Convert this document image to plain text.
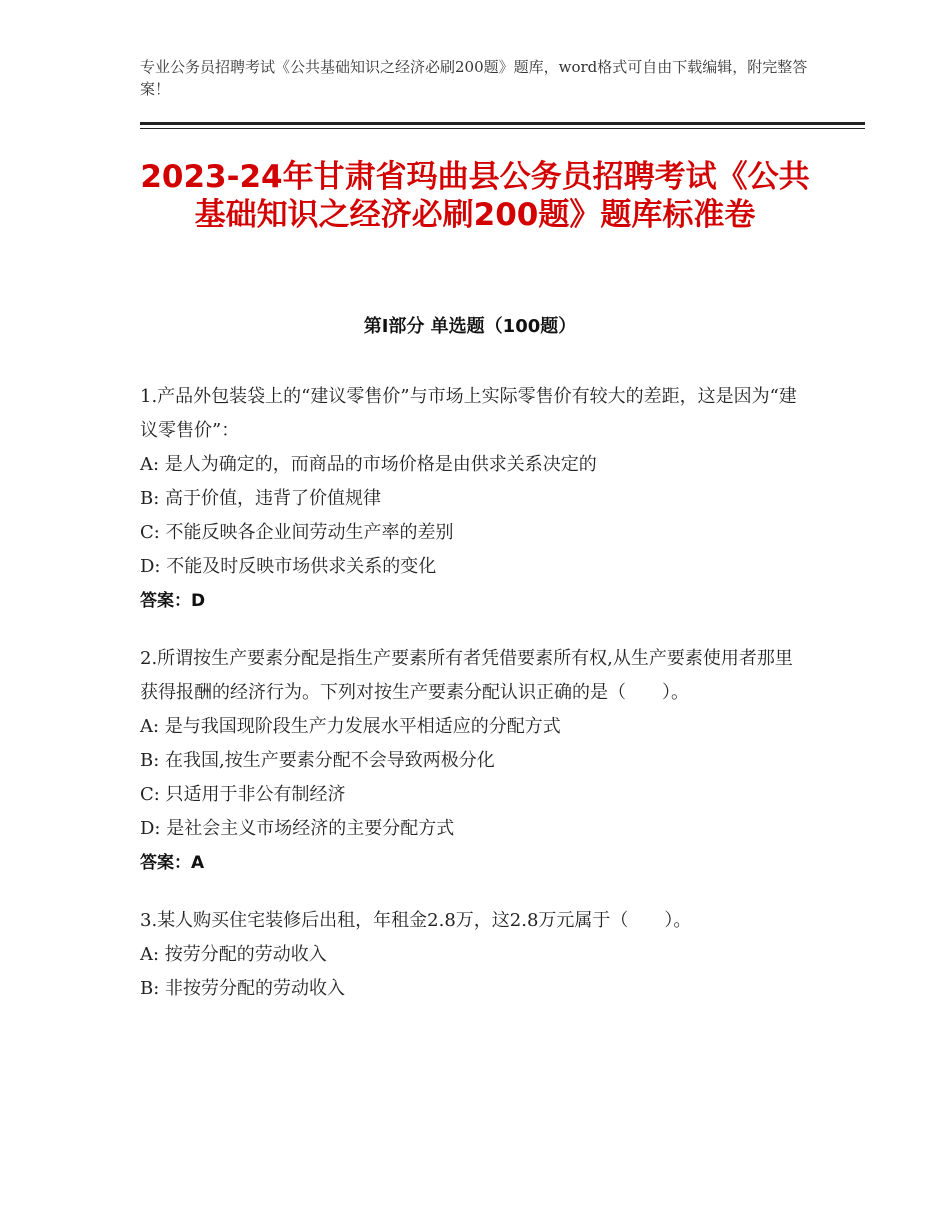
专业公务员招聘考试《公共基础知识之经济必刷200题》题库，word格式可自由下载编辑，附完整答案！
2023-24年甘肃省玛曲县公务员招聘考试《公共基础知识之经济必刷200题》题库标准卷
第Ⅰ部分 单选题（100题）
1.产品外包装袋上的“建议零售价”与市场上实际零售价有较大的差距，这是因为“建议零售价”：
A: 是人为确定的，而商品的市场价格是由供求关系决定的
B: 高于价值，违背了价值规律
C: 不能反映各企业间劳动生产率的差别
D: 不能及时反映市场供求关系的变化
答案：D
2.所谓按生产要素分配是指生产要素所有者凭借要素所有权,从生产要素使用者那里获得报酬的经济行为。下列对按生产要素分配认识正确的是（　　）。
A: 是与我国现阶段生产力发展水平相适应的分配方式
B: 在我国,按生产要素分配不会导致两极分化
C: 只适用于非公有制经济
D: 是社会主义市场经济的主要分配方式
答案：A
3.某人购买住宅装修后出租，年租金2.8万，这2.8万元属于（　　）。
A: 按劳分配的劳动收入
B: 非按劳分配的劳动收入
